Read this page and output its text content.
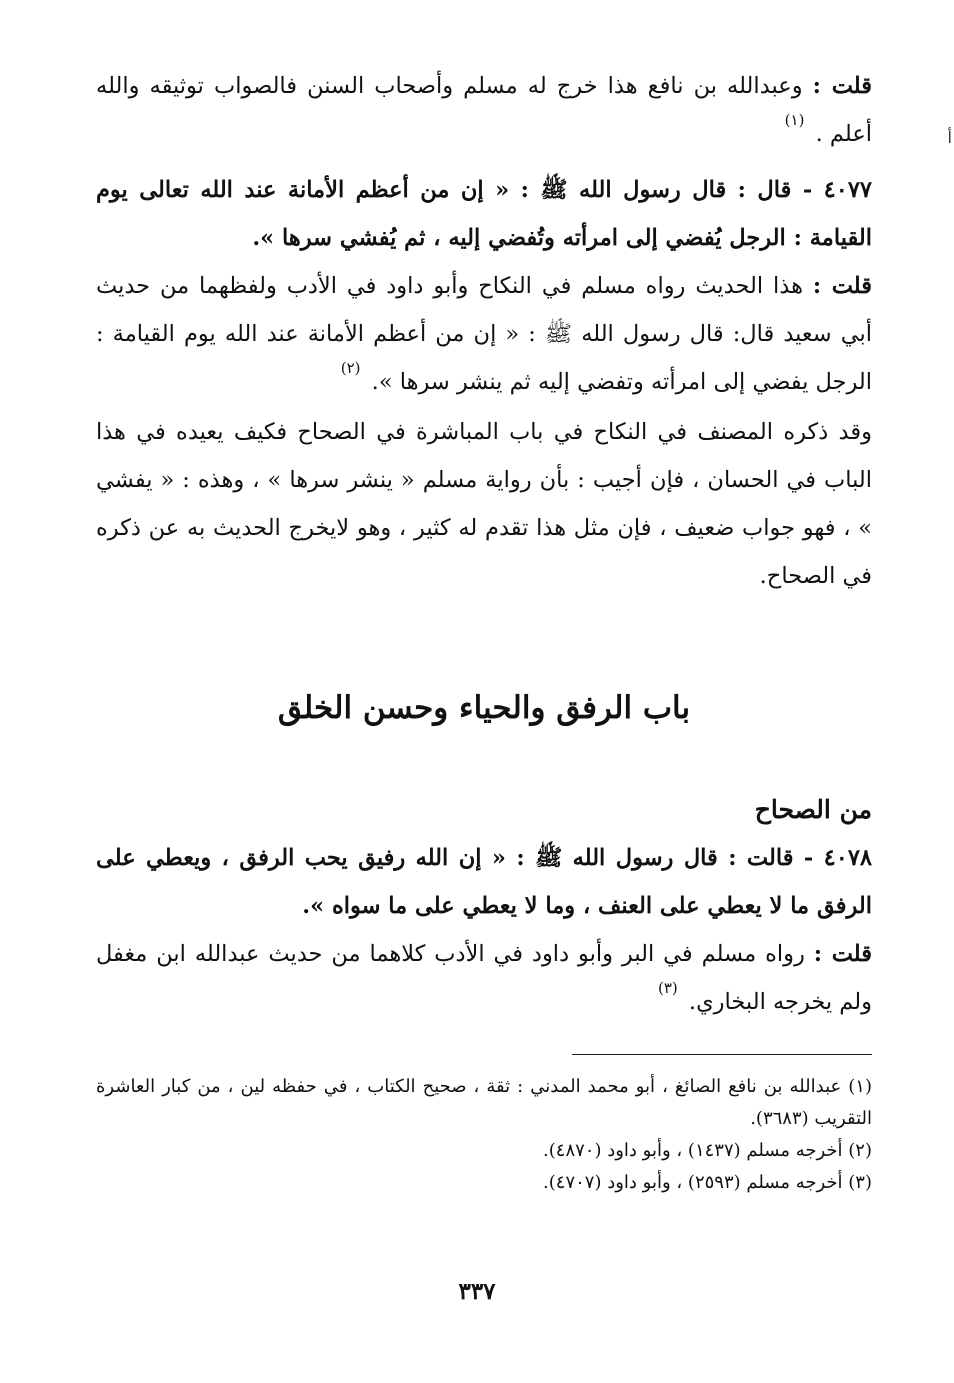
قلت : وعبدالله بن نافع هذا خرج له مسلم وأصحاب السنن فالصواب توثيقه والله أعلم . $^{(١)}$

٤٠٧٧ - قال : قال رسول الله ﷺ : « إن من أعظم الأمانة عند الله تعالى يوم القيامة : الرجل يُفضي إلى امرأته وتُفضي إليه ، ثم يُفشي سرها ».

قلت : هذا الحديث رواه مسلم في النكاح وأبو داود في الأدب ولفظهما من حديث أبي سعيد قال: قال رسول الله ﷺ : « إن من أعظم الأمانة عند الله يوم القيامة : الرجل يفضي إلى امرأته وتفضي إليه ثم ينشر سرها ». $^{(٢)}$

وقد ذكره المصنف في النكاح في باب المباشرة في الصحاح فكيف يعيده في هذا الباب في الحسان ، فإن أجيب : بأن رواية مسلم « ينشر سرها » ، وهذه : « يفشي » ، فهو جواب ضعيف ، فإن مثل هذا تقدم له كثير ، وهو لايخرج الحديث به عن ذكره في الصحاح.

باب الرفق والحياء وحسن الخلق
من الصحاح

٤٠٧٨ - قالت : قال رسول الله ﷺ : « إن الله رفيق يحب الرفق ، ويعطي على الرفق ما لا يعطي على العنف ، وما لا يعطي على ما سواه ».

قلت : رواه مسلم في البر وأبو داود في الأدب كلاهما من حديث عبدالله ابن مغفل ولم يخرجه البخاري. $^{(٣)}$

(١) عبدالله بن نافع الصائغ ، أبو محمد المدني : ثقة ، صحيح الكتاب ، في حفظه لين ، من كبار العاشرة التقريب (٣٦٨٣).

(٢) أخرجه مسلم (١٤٣٧) ، وأبو داود (٤٨٧٠).

(٣) أخرجه مسلم (٢٥٩٣) ، وأبو داود (٤٧٠٧).

أ
٣٣٧
